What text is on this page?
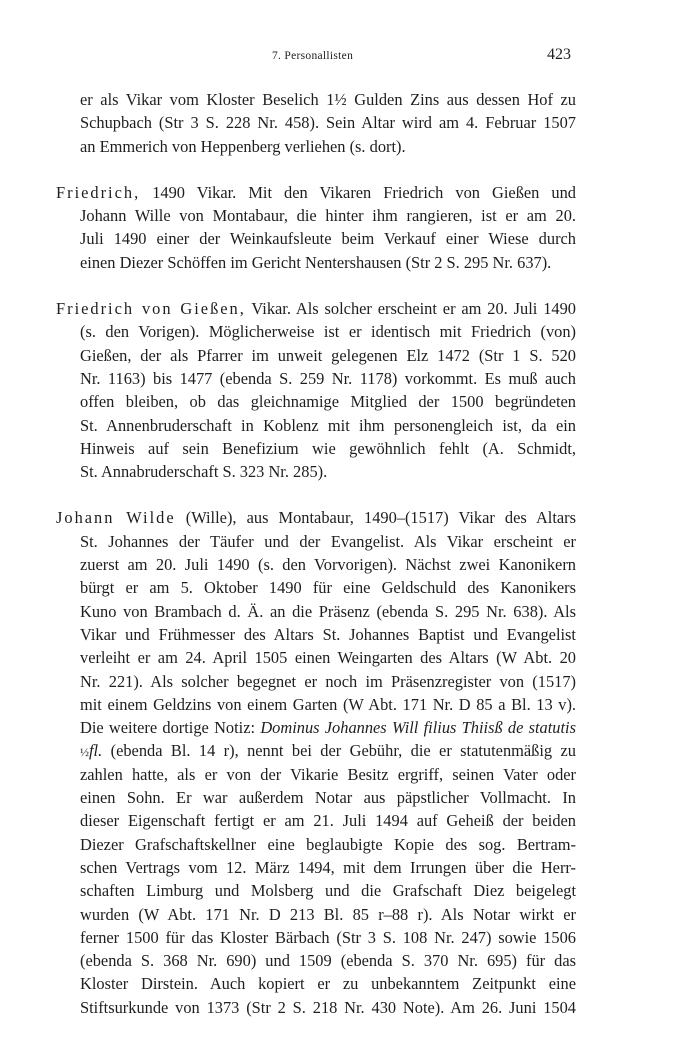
7. Personallisten	423
er als Vikar vom Kloster Beselich 1½ Gulden Zins aus dessen Hof zu
Schupbach (Str 3 S. 228 Nr. 458). Sein Altar wird am 4. Februar 1507
an Emmerich von Heppenberg verliehen (s. dort).
Friedrich, 1490 Vikar. Mit den Vikaren Friedrich von Gießen und
Johann Wille von Montabaur, die hinter ihm rangieren, ist er am 20.
Juli 1490 einer der Weinkaufsleute beim Verkauf einer Wiese durch
einen Diezer Schöffen im Gericht Nentershausen (Str 2 S. 295 Nr. 637).
Friedrich von Gießen, Vikar. Als solcher erscheint er am 20. Juli 1490
(s. den Vorigen). Möglicherweise ist er identisch mit Friedrich (von)
Gießen, der als Pfarrer im unweit gelegenen Elz 1472 (Str 1 S. 520
Nr. 1163) bis 1477 (ebenda S. 259 Nr. 1178) vorkommt. Es muß auch
offen bleiben, ob das gleichnamige Mitglied der 1500 begründeten
St. Annenbruderschaft in Koblenz mit ihm personengleich ist, da ein
Hinweis auf sein Benefizium wie gewöhnlich fehlt (A. Schmidt,
St. Annabruderschaft S. 323 Nr. 285).
Johann Wilde (Wille), aus Montabaur, 1490–(1517) Vikar des Altars
St. Johannes der Täufer und der Evangelist. Als Vikar erscheint er
zuerst am 20. Juli 1490 (s. den Vorvorigen). Nächst zwei Kanonikern
bürgt er am 5. Oktober 1490 für eine Geldschuld des Kanonikers
Kuno von Brambach d. Ä. an die Präsenz (ebenda S. 295 Nr. 638). Als
Vikar und Frühmesser des Altars St. Johannes Baptist und Evangelist
verleiht er am 24. April 1505 einen Weingarten des Altars (W Abt. 20
Nr. 221). Als solcher begegnet er noch im Präsenzregister von (1517)
mit einem Geldzins von einem Garten (W Abt. 171 Nr. D 85 a Bl. 13 v).
Die weitere dortige Notiz: Dominus Johannes Will filius Thiisß de statutis
½fl. (ebenda Bl. 14 r), nennt bei der Gebühr, die er statutenmäßig zu
zahlen hatte, als er von der Vikarie Besitz ergriff, seinen Vater oder
einen Sohn. Er war außerdem Notar aus päpstlicher Vollmacht. In
dieser Eigenschaft fertigt er am 21. Juli 1494 auf Geheiß der beiden
Diezer Grafschaftskellner eine beglaubigte Kopie des sog. Bertram-
schen Vertrags vom 12. März 1494, mit dem Irrungen über die Herr-
schaften Limburg und Molsberg und die Grafschaft Diez beigelegt
wurden (W Abt. 171 Nr. D 213 Bl. 85 r–88 r). Als Notar wirkt er
ferner 1500 für das Kloster Bärbach (Str 3 S. 108 Nr. 247) sowie 1506
(ebenda S. 368 Nr. 690) und 1509 (ebenda S. 370 Nr. 695) für das
Kloster Dirstein. Auch kopiert er zu unbekanntem Zeitpunkt eine
Stiftsurkunde von 1373 (Str 2 S. 218 Nr. 430 Note). Am 26. Juni 1504
